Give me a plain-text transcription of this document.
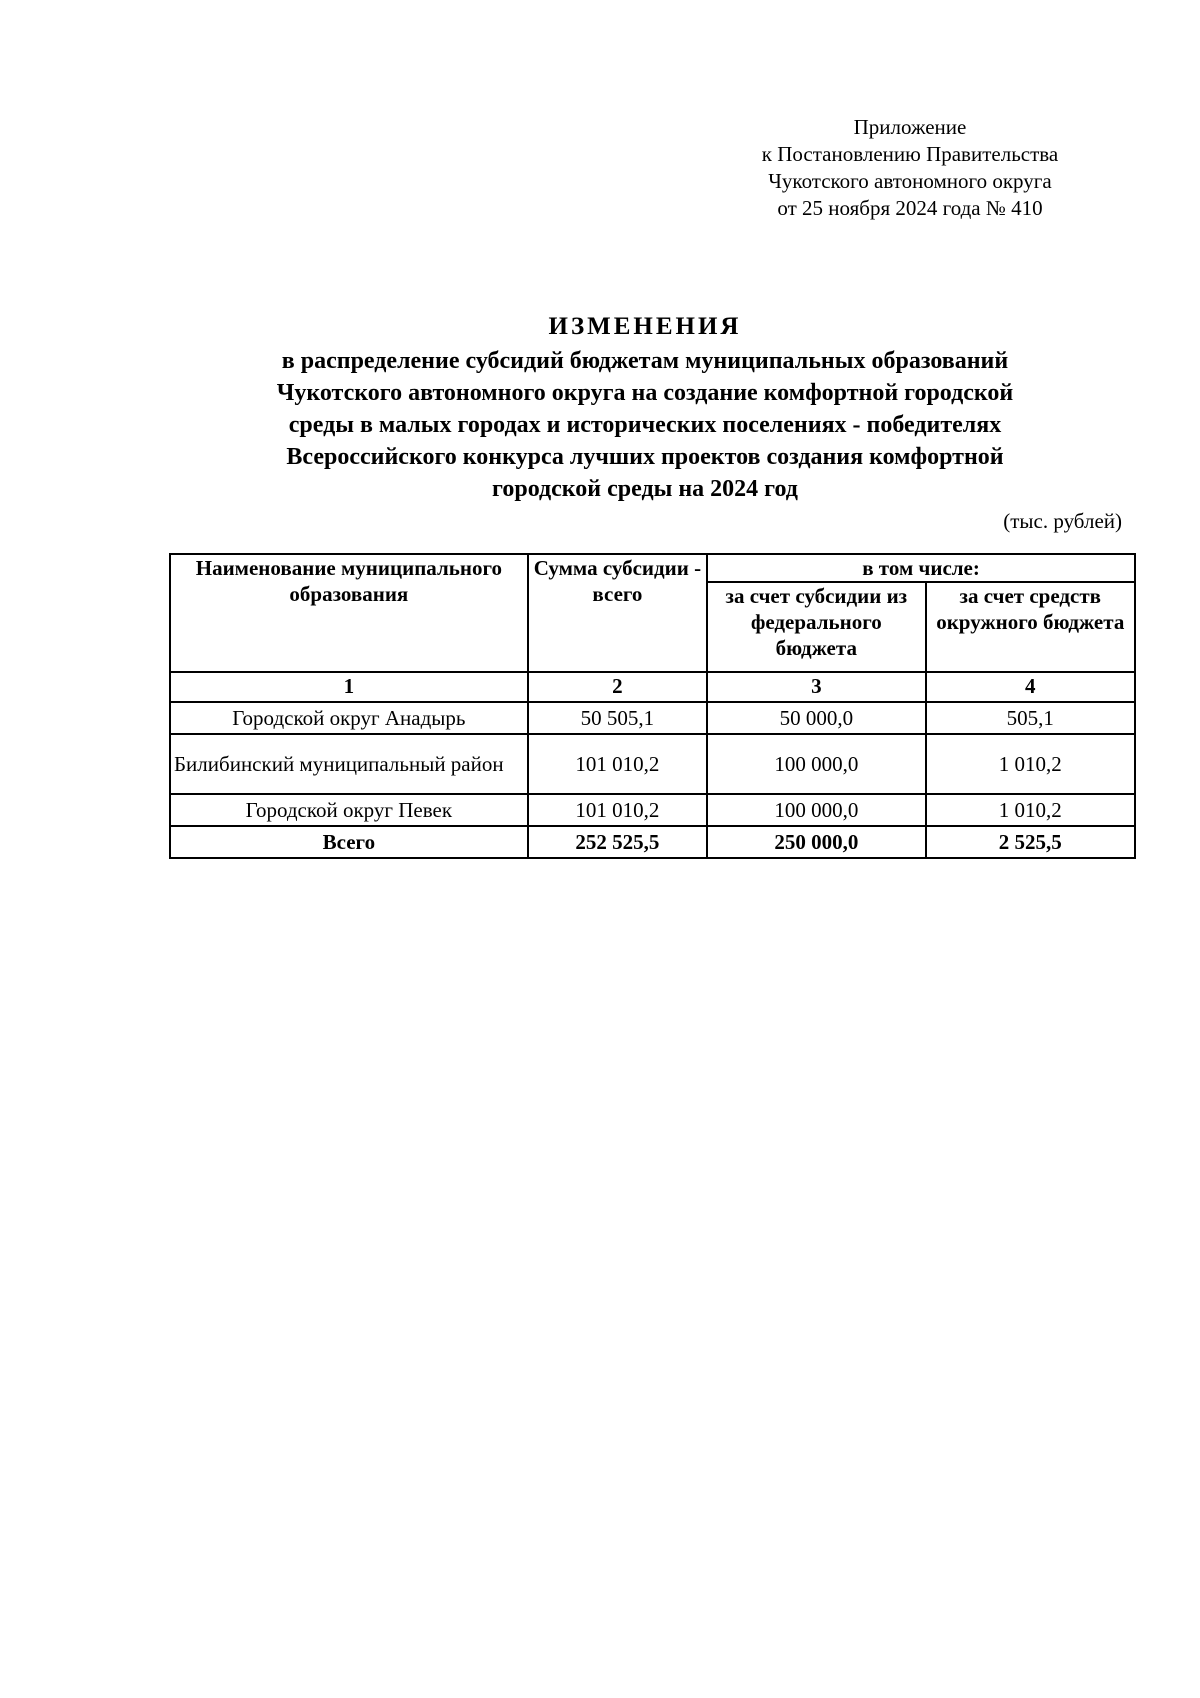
Приложение
к Постановлению Правительства
Чукотского автономного округа
от 25 ноября 2024 года № 410
ИЗМЕНЕНИЯ
в распределение субсидий бюджетам муниципальных образований
Чукотского автономного округа на создание комфортной городской
среды в малых городах и исторических поселениях - победителях
Всероссийского конкурса лучших проектов создания комфортной
городской среды на 2024 год
(тыс. рублей)
Наименование муниципального образования	Сумма субсидии - всего	в том числе:	
		за счет субсидии из федерального бюджета	за счет средств окружного бюджета
1	2	3	4
Городской округ Анадырь	50 505,1	50 000,0	505,1
Билибинский муниципальный район	101 010,2	100 000,0	1 010,2
Городской округ Певек	101 010,2	100 000,0	1 010,2
Всего	252 525,5	250 000,0	2 525,5
